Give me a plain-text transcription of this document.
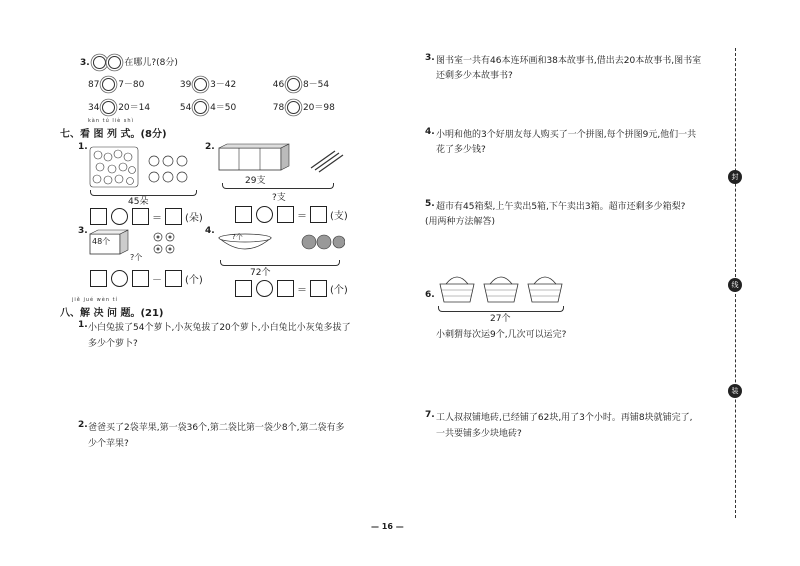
3.	在哪儿?(8分)
87 7－80	39 3－42	46 8－54
34 20＝14	54 4＝50	78 20＝98
kàn tú liè shì
七、看 图 列 式。(8分)
1.
45朵
＝ (朵)
2.
29支
?支
＝ (支)
3.
48个
?个
－ (个)
4.
?个
72个
＝ (个)
jiě jué wèn tí
八、解 决 问 题。(21)
1. 小白兔拔了54个萝卜,小灰兔拔了20个萝卜,小白兔比小灰兔多拔了
多少个萝卜?
2. 爸爸买了2袋苹果,第一袋36个,第二袋比第一袋少8个,第二袋有多
少个苹果?
3. 图书室一共有46本连环画和38本故事书,借出去20本故事书,图书室
还剩多少本故事书?
4. 小明和他的3个好朋友每人购买了一个拼图,每个拼图9元,他们一共
花了多少钱?
5. 超市有45箱梨,上午卖出5箱,下午卖出3箱。超市还剩多少箱梨?
(用两种方法解答)
6.
27个
小刺猬每次运9个,几次可以运完?
7. 工人叔叔铺地砖,已经铺了62块,用了3个小时。再铺8块就铺完了,
一共要铺多少块地砖?
封
线
装
— 16 —
